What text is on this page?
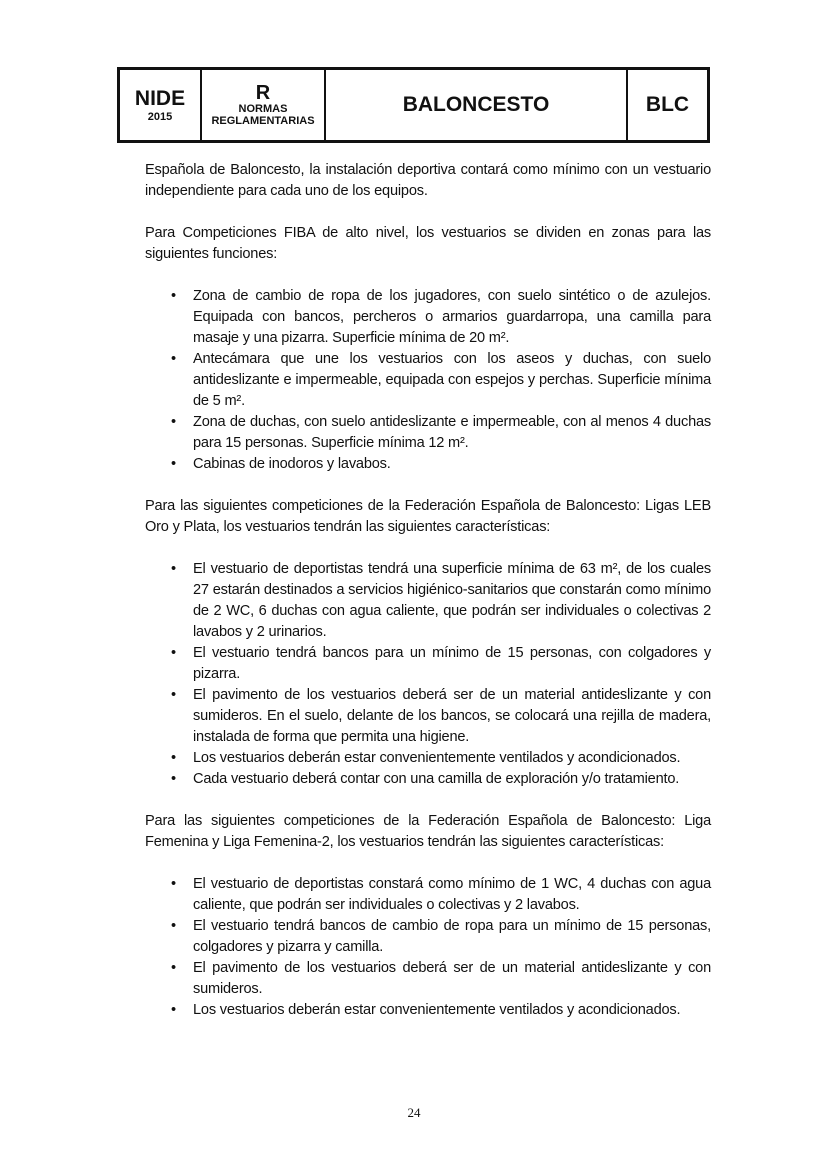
NIDE
2015
R
NORMAS
REGLAMENTARIAS
BALONCESTO	BLC

Española de Baloncesto, la instalación deportiva contará como mínimo con un vestuario independiente para cada uno de los equipos.

Para Competiciones FIBA de alto nivel, los vestuarios se dividen en zonas para las siguientes funciones:

• Zona de cambio de ropa de los jugadores, con suelo sintético o de azulejos. Equipada con bancos, percheros o armarios guardarropa, una camilla para masaje y una pizarra. Superficie mínima de 20 m².
• Antecámara que une los vestuarios con los aseos y duchas, con suelo antideslizante e impermeable, equipada con espejos y perchas. Superficie mínima de 5 m².
• Zona de duchas, con suelo antideslizante e impermeable, con al menos 4 duchas para 15 personas. Superficie mínima 12 m².
• Cabinas de inodoros y lavabos.

Para las siguientes competiciones de la Federación Española de Baloncesto: Ligas LEB Oro y Plata, los vestuarios tendrán las siguientes características:

• El vestuario de deportistas tendrá una superficie mínima de 63 m², de los cuales 27 estarán destinados a servicios higiénico-sanitarios que constarán como mínimo de 2 WC, 6 duchas con agua caliente, que podrán ser individuales o colectivas 2 lavabos y 2 urinarios.
• El vestuario tendrá bancos para un mínimo de 15 personas, con colgadores y pizarra.
• El pavimento de los vestuarios deberá ser de un material antideslizante y con sumideros. En el suelo, delante de los bancos, se colocará una rejilla de madera, instalada de forma que permita una higiene.
• Los vestuarios deberán estar convenientemente ventilados y acondicionados.
• Cada vestuario deberá contar con una camilla de exploración y/o tratamiento.

Para las siguientes competiciones de la Federación Española de Baloncesto: Liga Femenina y Liga Femenina-2, los vestuarios tendrán las siguientes características:

• El vestuario de deportistas constará como mínimo de 1 WC, 4 duchas con agua caliente, que podrán ser individuales o colectivas y 2 lavabos.
• El vestuario tendrá bancos de cambio de ropa para un mínimo de 15 personas, colgadores y pizarra y camilla.
• El pavimento de los vestuarios deberá ser de un material antideslizante y con sumideros.
• Los vestuarios deberán estar convenientemente ventilados y acondicionados.
24
